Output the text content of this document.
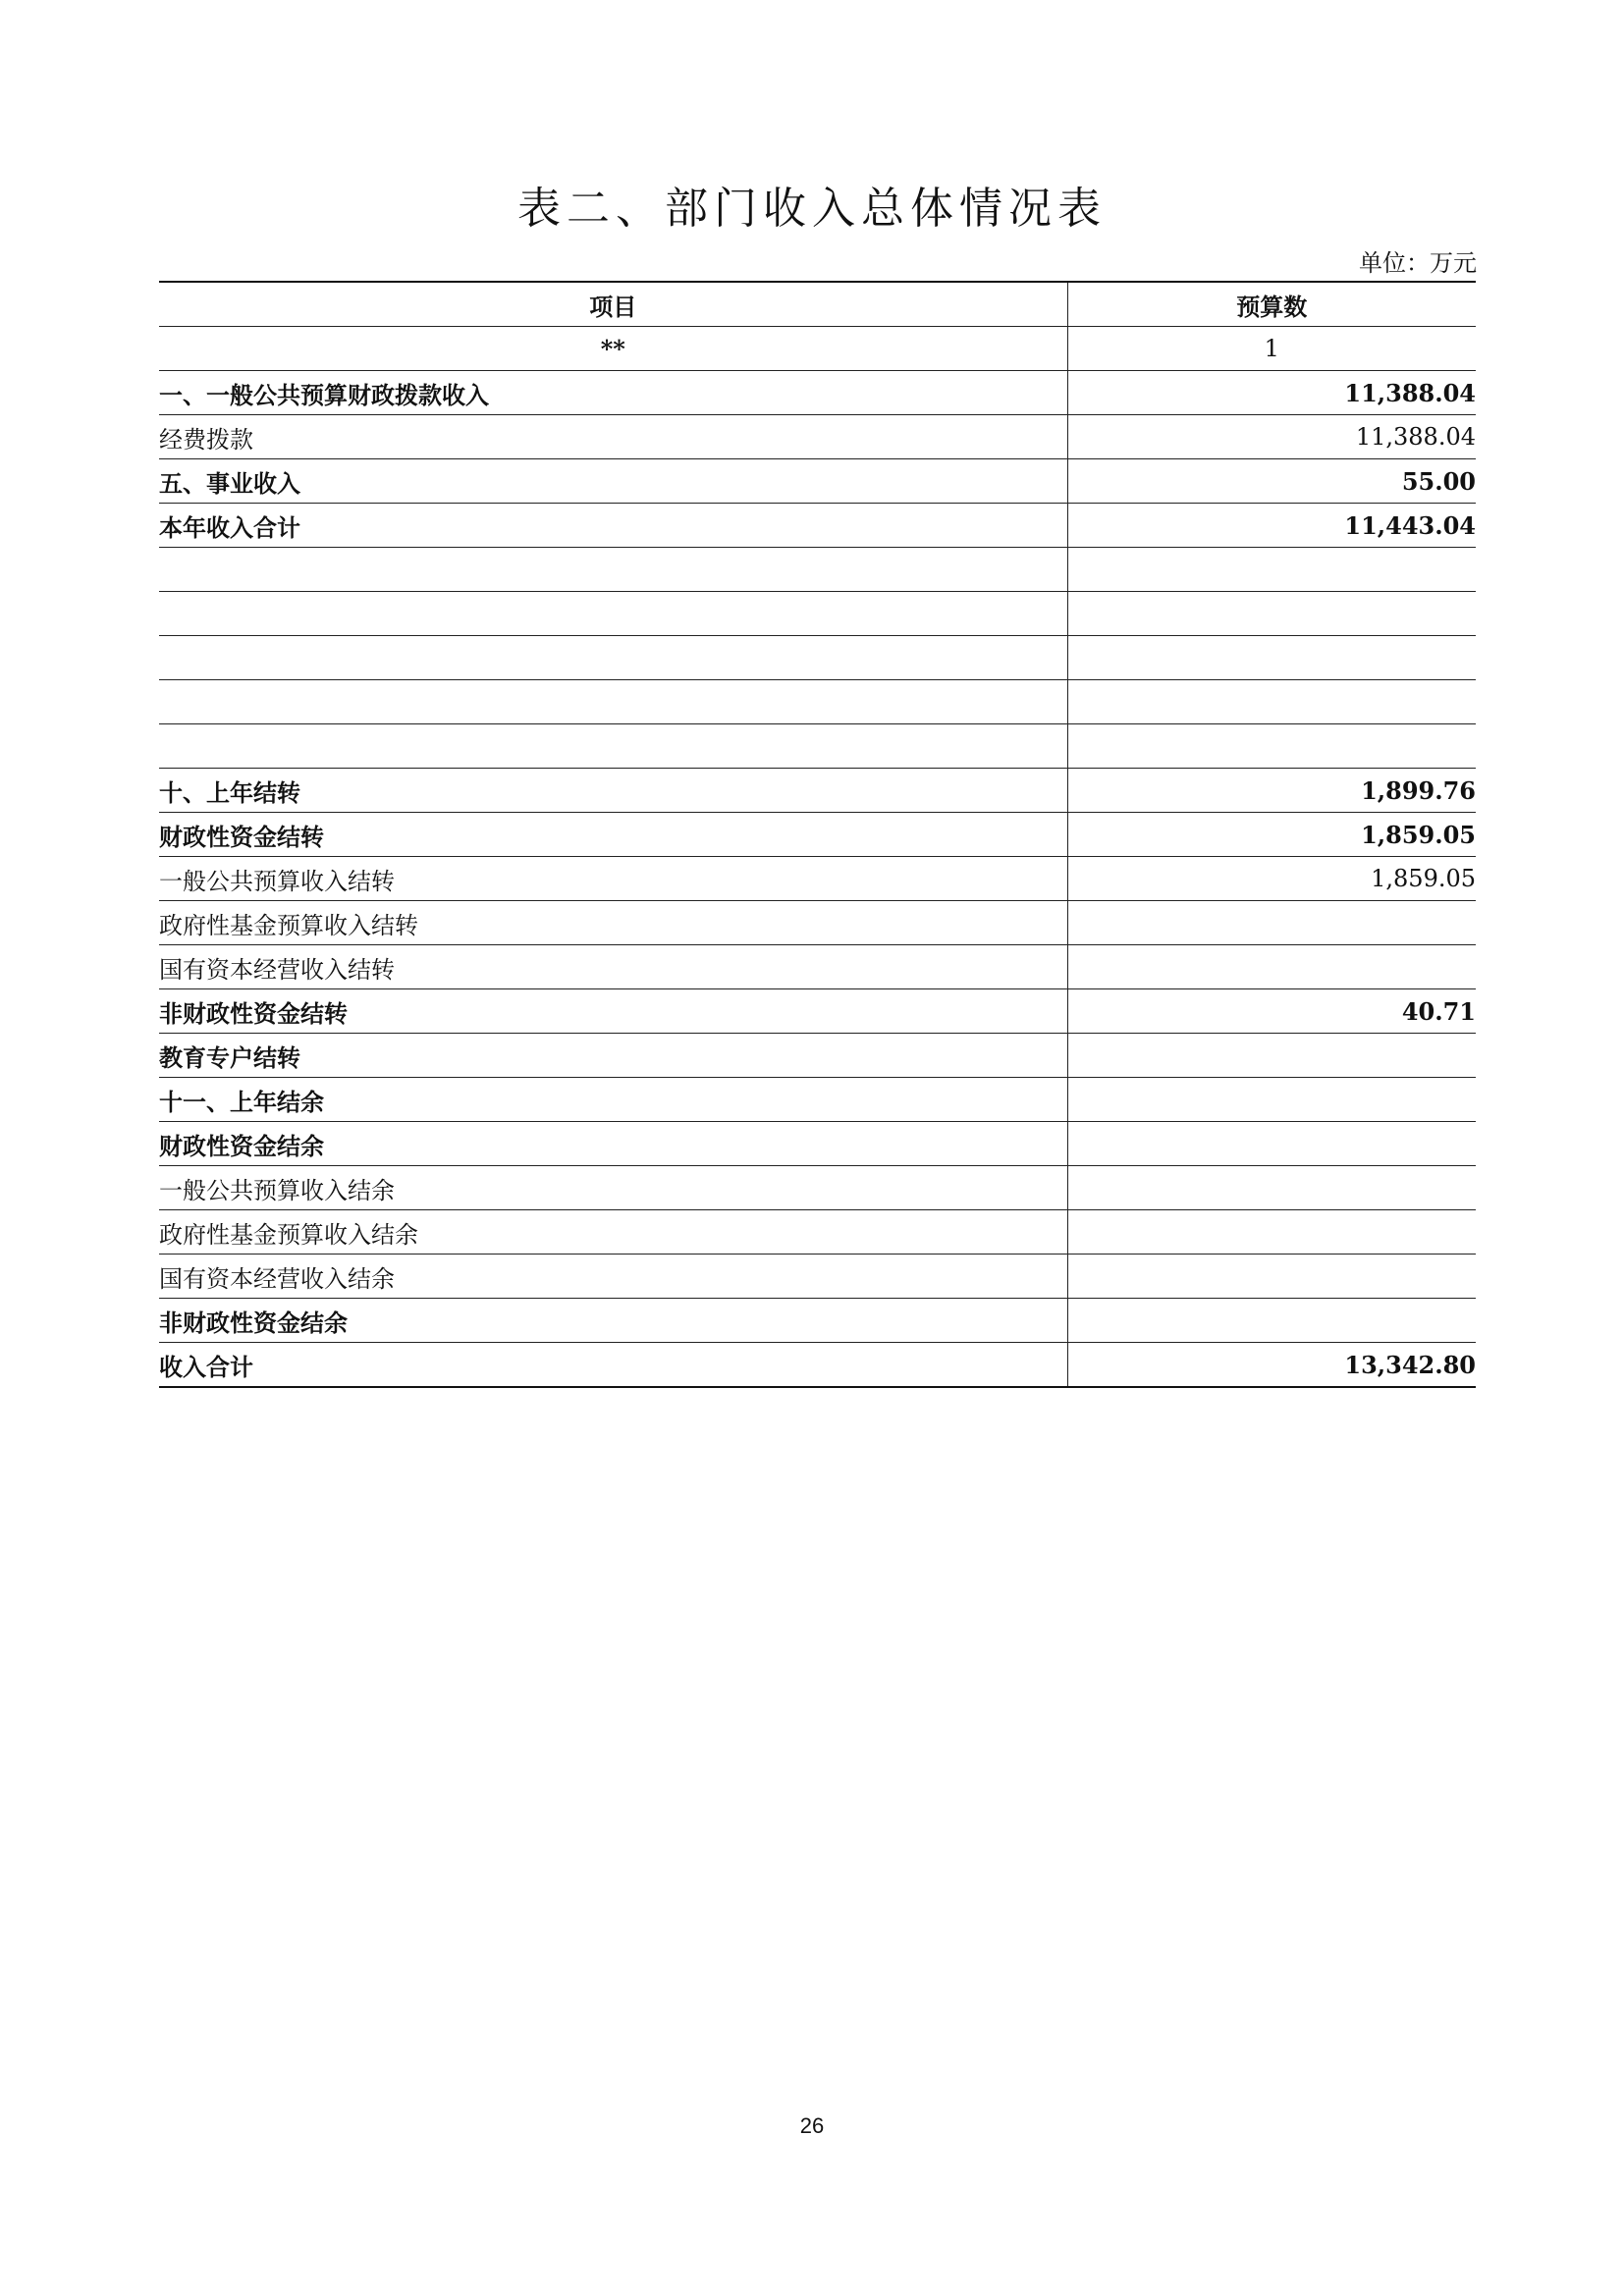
表二、部门收入总体情况表
单位：万元
项目	预算数
**	1
一、一般公共预算财政拨款收入	11,388.04
经费拨款	11,388.04
五、事业收入	55.00
本年收入合计	11,443.04

十、上年结转	1,899.76
财政性资金结转	1,859.05
一般公共预算收入结转	1,859.05
政府性基金预算收入结转	
国有资本经营收入结转	
非财政性资金结转	40.71
教育专户结转	
十一、上年结余	
财政性资金结余	
一般公共预算收入结余	
政府性基金预算收入结余	
国有资本经营收入结余	
非财政性资金结余	
收入合计	13,342.80
26
